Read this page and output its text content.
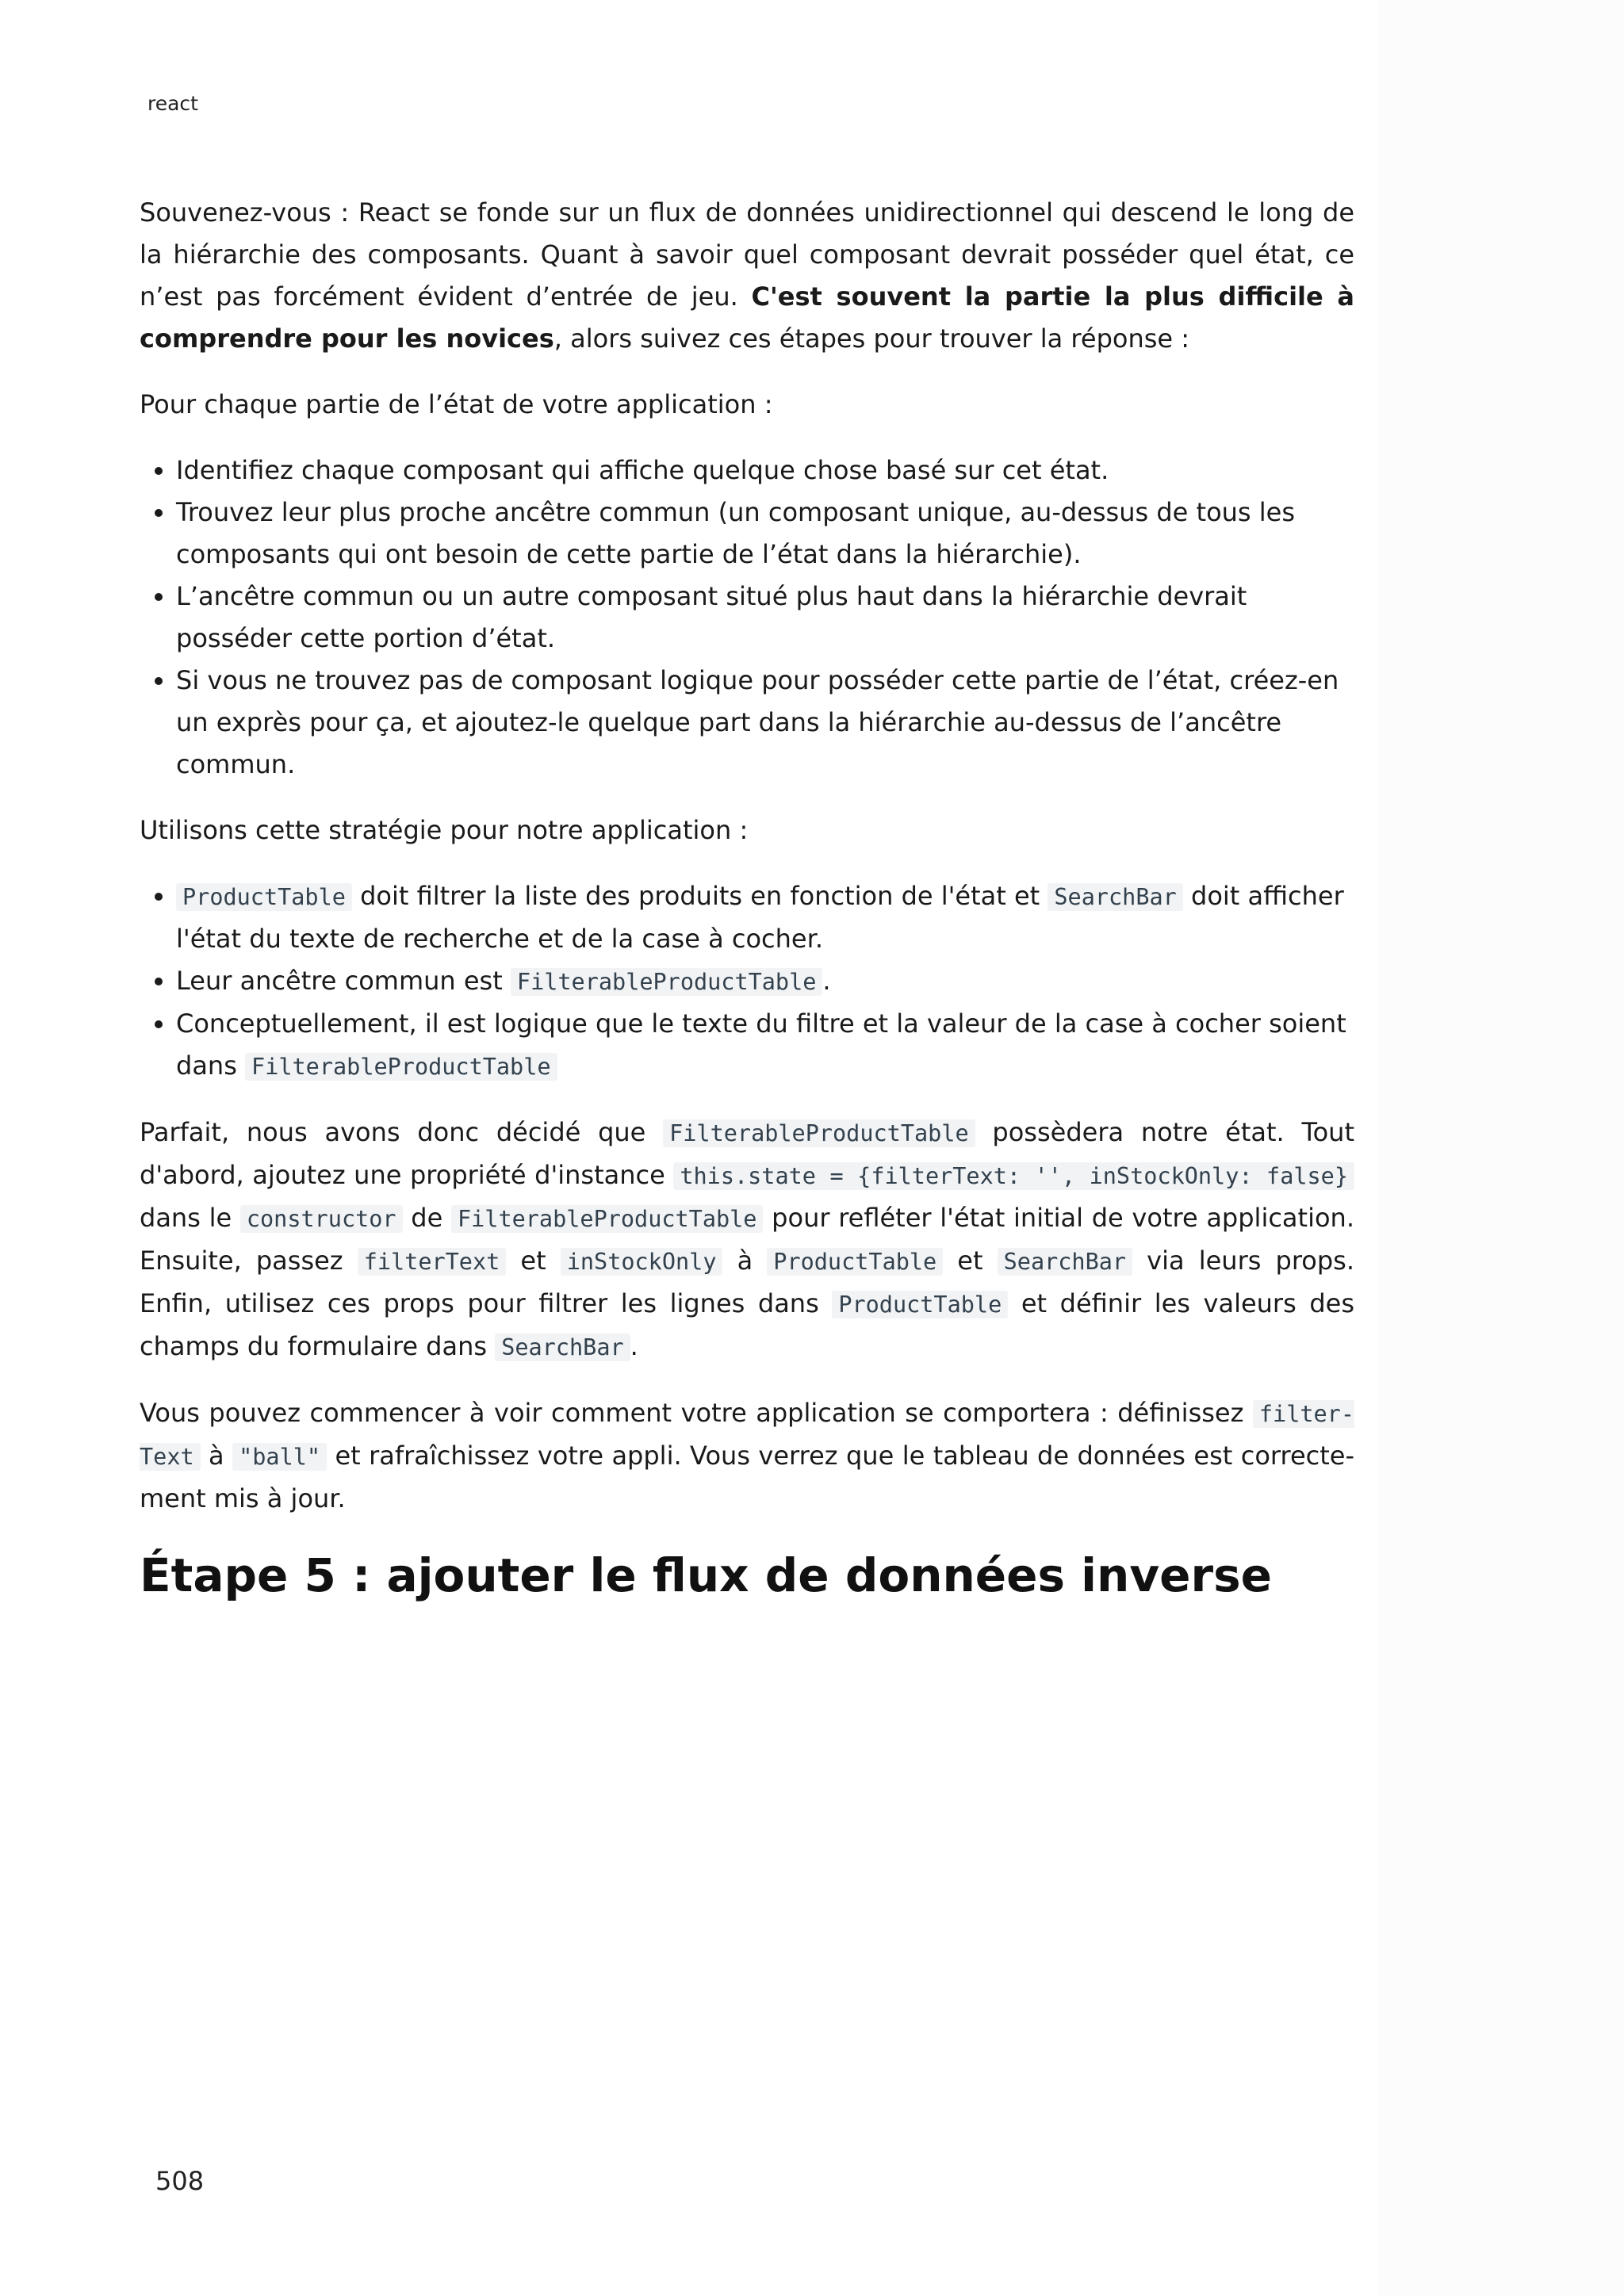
react

Souvenez-vous : React se fonde sur un flux de données unidirectionnel qui descend le long de la hiérarchie des composants. Quant à savoir quel composant devrait posséder quel état, ce n’est pas forcément évident d’entrée de jeu. C'est souvent la partie la plus difficile à comprendre pour les novices, alors suivez ces étapes pour trouver la réponse :

Pour chaque partie de l’état de votre application :

• Identifiez chaque composant qui affiche quelque chose basé sur cet état.
• Trouvez leur plus proche ancêtre commun (un composant unique, au-dessus de tous les composants qui ont besoin de cette partie de l’état dans la hiérarchie).
• L’ancêtre commun ou un autre composant situé plus haut dans la hiérarchie devrait posséder cette portion d’état.
• Si vous ne trouvez pas de composant logique pour posséder cette partie de l’état, créez-en un exprès pour ça, et ajoutez-le quelque part dans la hiérarchie au-dessus de l’ancêtre commun.

Utilisons cette stratégie pour notre application :

• ProductTable doit filtrer la liste des produits en fonction de l'état et SearchBar doit afficher l'état du texte de recherche et de la case à cocher.
• Leur ancêtre commun est FilterableProductTable .
• Conceptuellement, il est logique que le texte du filtre et la valeur de la case à cocher soient dans FilterableProductTable

Parfait, nous avons donc décidé que FilterableProductTable possèdera notre état. Tout d'abord, ajoutez une propriété d'instance this.state = {filterText: '', inStockOnly: false} dans le constructor de FilterableProductTable pour refléter l'état initial de votre application. Ensuite, passez filterText et inStockOnly à ProductTable et SearchBar via leurs props. Enfin, utilisez ces props pour filtrer les lignes dans ProductTable et définir les valeurs des champs du formulaire dans SearchBar .

Vous pouvez commencer à voir comment votre application se comportera : définissez filterText à "ball" et rafraîchissez votre appli. Vous verrez que le tableau de données est correctement mis à jour.

Étape 5 : ajouter le flux de données inverse
508
